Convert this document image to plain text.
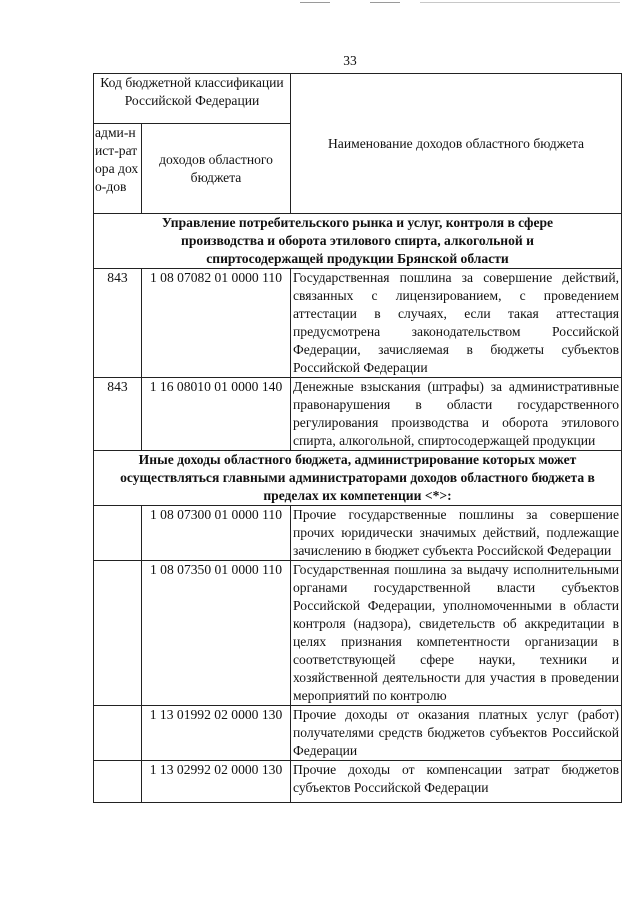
33
Код бюджетной классификации Российской Федерации		Наименование доходов областного бюджета
адми-нист-ратора дохо-дов	доходов областного бюджета	
Управление потребительского рынка и услуг, контроля в сфере производства и оборота этилового спирта, алкогольной и спиртосодержащей продукции Брянской области		
843	1 08 07082 01 0000 110	Государственная пошлина за совершение действий, связанных с лицензированием, с проведением аттестации в случаях, если такая аттестация предусмотрена законодательством Российской Федерации, зачисляемая в бюджеты субъектов Российской Федерации
843	1 16 08010 01 0000 140	Денежные взыскания (штрафы) за административные правонарушения в области государственного регулирования производства и оборота этилового спирта, алкогольной, спиртосодержащей продукции

Иные доходы областного бюджета, администрирование которых может
осуществляться главными администраторами доходов областного бюджета в
пределах их компетенции <*>:		

	1 08 07300 01 0000 110	Прочие государственные пошлины за совершение прочих юридически значимых действий, подлежащие зачислению в бюджет субъекта Российской Федерации
	1 08 07350 01 0000 110	Государственная пошлина за выдачу исполнительными органами государственной власти субъектов Российской Федерации, уполномоченными в области контроля (надзора), свидетельств об аккредитации в целях признания компетентности организации в соответствующей сфере науки, техники и хозяйственной деятельности для участия в проведении мероприятий по контролю
	1 13 01992 02 0000 130	Прочие доходы от оказания платных услуг (работ) получателями средств бюджетов субъектов Российской Федерации
	1 13 02992 02 0000 130	Прочие доходы от компенсации затрат бюджетов субъектов Российской Федерации
